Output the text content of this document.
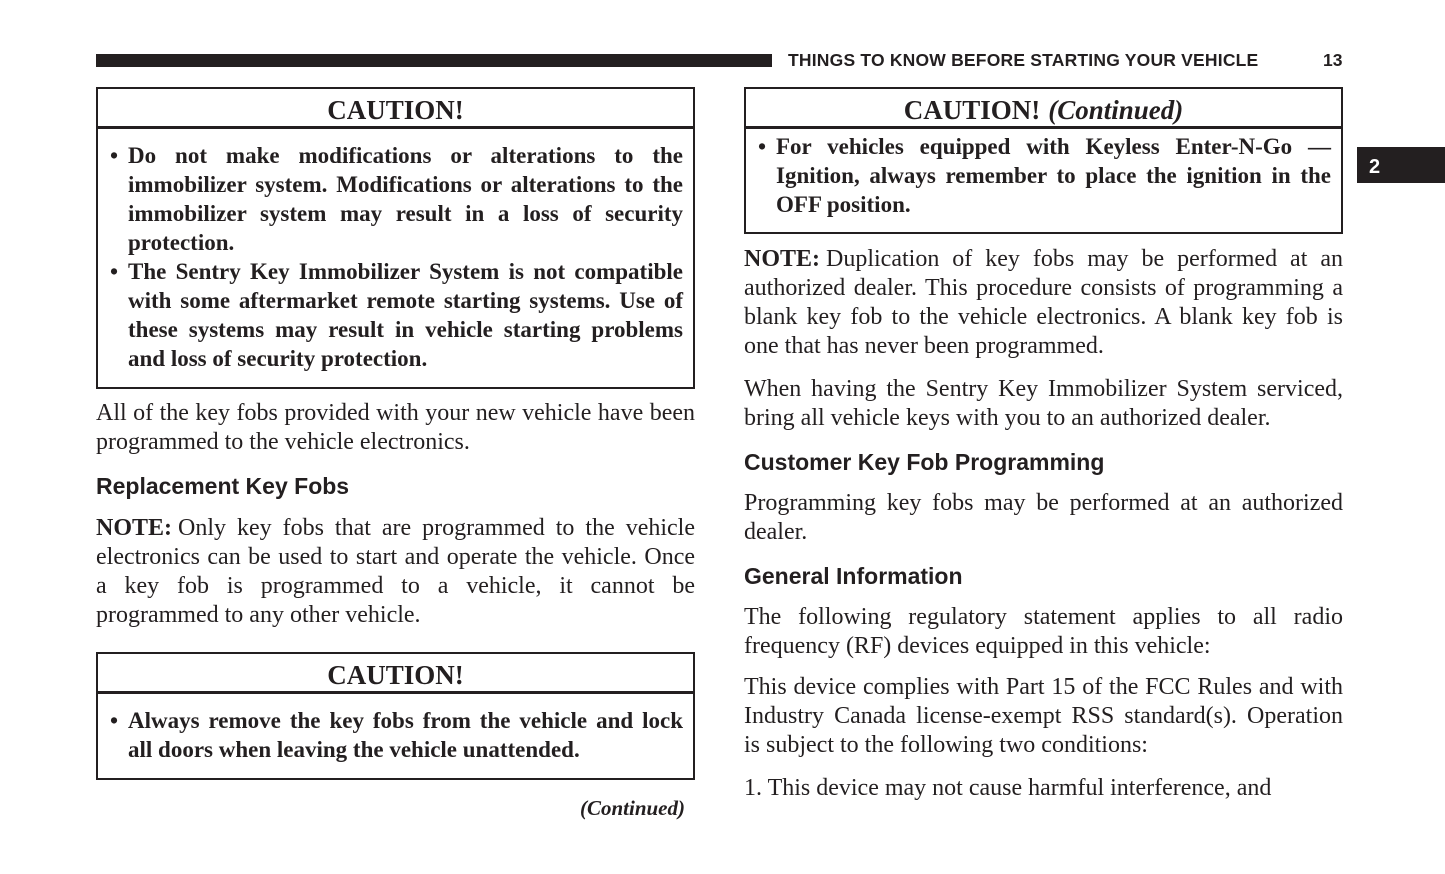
THINGS TO KNOW BEFORE STARTING YOUR VEHICLE	13
2
CAUTION!
• Do not make modifications or alterations to the immobilizer system. Modifications or alterations to the immobilizer system may result in a loss of security protection.
• The Sentry Key Immobilizer System is not compatible with some aftermarket remote starting systems. Use of these systems may result in vehicle starting problems and loss of security protection.

All of the key fobs provided with your new vehicle have been programmed to the vehicle electronics.

Replacement Key Fobs

NOTE: Only key fobs that are programmed to the vehicle electronics can be used to start and operate the vehicle. Once a key fob is programmed to a vehicle, it cannot be programmed to any other vehicle.

CAUTION!
• Always remove the key fobs from the vehicle and lock all doors when leaving the vehicle unattended.
(Continued)
CAUTION! (Continued)
• For vehicles equipped with Keyless Enter-N-Go — Ignition, always remember to place the ignition in the OFF position.

NOTE: Duplication of key fobs may be performed at an authorized dealer. This procedure consists of programming a blank key fob to the vehicle electronics. A blank key fob is one that has never been programmed.

When having the Sentry Key Immobilizer System serviced, bring all vehicle keys with you to an authorized dealer.

Customer Key Fob Programming

Programming key fobs may be performed at an authorized dealer.

General Information

The following regulatory statement applies to all radio frequency (RF) devices equipped in this vehicle:

This device complies with Part 15 of the FCC Rules and with Industry Canada license-exempt RSS standard(s). Operation is subject to the following two conditions:

1. This device may not cause harmful interference, and
